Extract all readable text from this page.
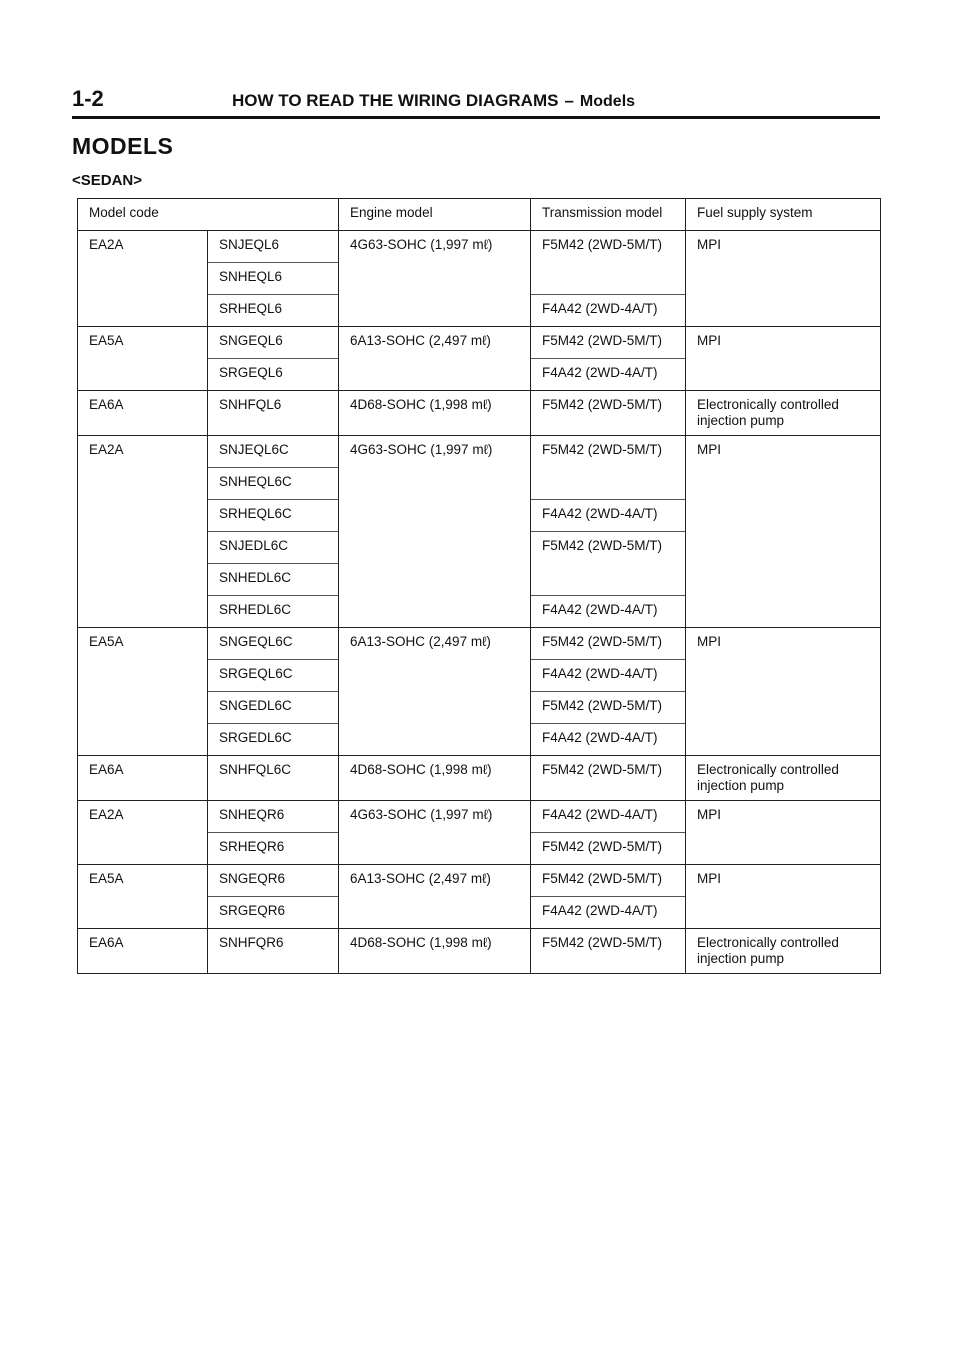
1-2	HOW TO READ THE WIRING DIAGRAMS – Models
MODELS
<SEDAN>
Model code		Engine model	Transmission model	Fuel supply system
EA2A	SNJEQL6	4G63-SOHC (1,997 mℓ)	F5M42 (2WD-5M/T)	MPI
	SNHEQL6			
	SRHEQL6		F4A42 (2WD-4A/T)	
EA5A	SNGEQL6	6A13-SOHC (2,497 mℓ)	F5M42 (2WD-5M/T)	MPI
	SRGEQL6		F4A42 (2WD-4A/T)	
EA6A	SNHFQL6	4D68-SOHC (1,998 mℓ)	F5M42 (2WD-5M/T)	Electronically controlled
injection pump

EA2A	SNJEQL6C	4G63-SOHC (1,997 mℓ)	F5M42 (2WD-5M/T)	MPI
	SNHEQL6C			
	SRHEQL6C		F4A42 (2WD-4A/T)	
	SNJEDL6C		F5M42 (2WD-5M/T)	
	SNHEDL6C			
	SRHEDL6C		F4A42 (2WD-4A/T)	
EA5A	SNGEQL6C	6A13-SOHC (2,497 mℓ)	F5M42 (2WD-5M/T)	MPI
	SRGEQL6C		F4A42 (2WD-4A/T)	
	SNGEDL6C		F5M42 (2WD-5M/T)	
	SRGEDL6C		F4A42 (2WD-4A/T)	
EA6A	SNHFQL6C	4D68-SOHC (1,998 mℓ)	F5M42 (2WD-5M/T)	Electronically controlled
injection pump

EA2A	SNHEQR6	4G63-SOHC (1,997 mℓ)	F4A42 (2WD-4A/T)	MPI
	SRHEQR6		F5M42 (2WD-5M/T)	
EA5A	SNGEQR6	6A13-SOHC (2,497 mℓ)	F5M42 (2WD-5M/T)	MPI
	SRGEQR6		F4A42 (2WD-4A/T)	
EA6A	SNHFQR6	4D68-SOHC (1,998 mℓ)	F5M42 (2WD-5M/T)	Electronically controlled
injection pump
